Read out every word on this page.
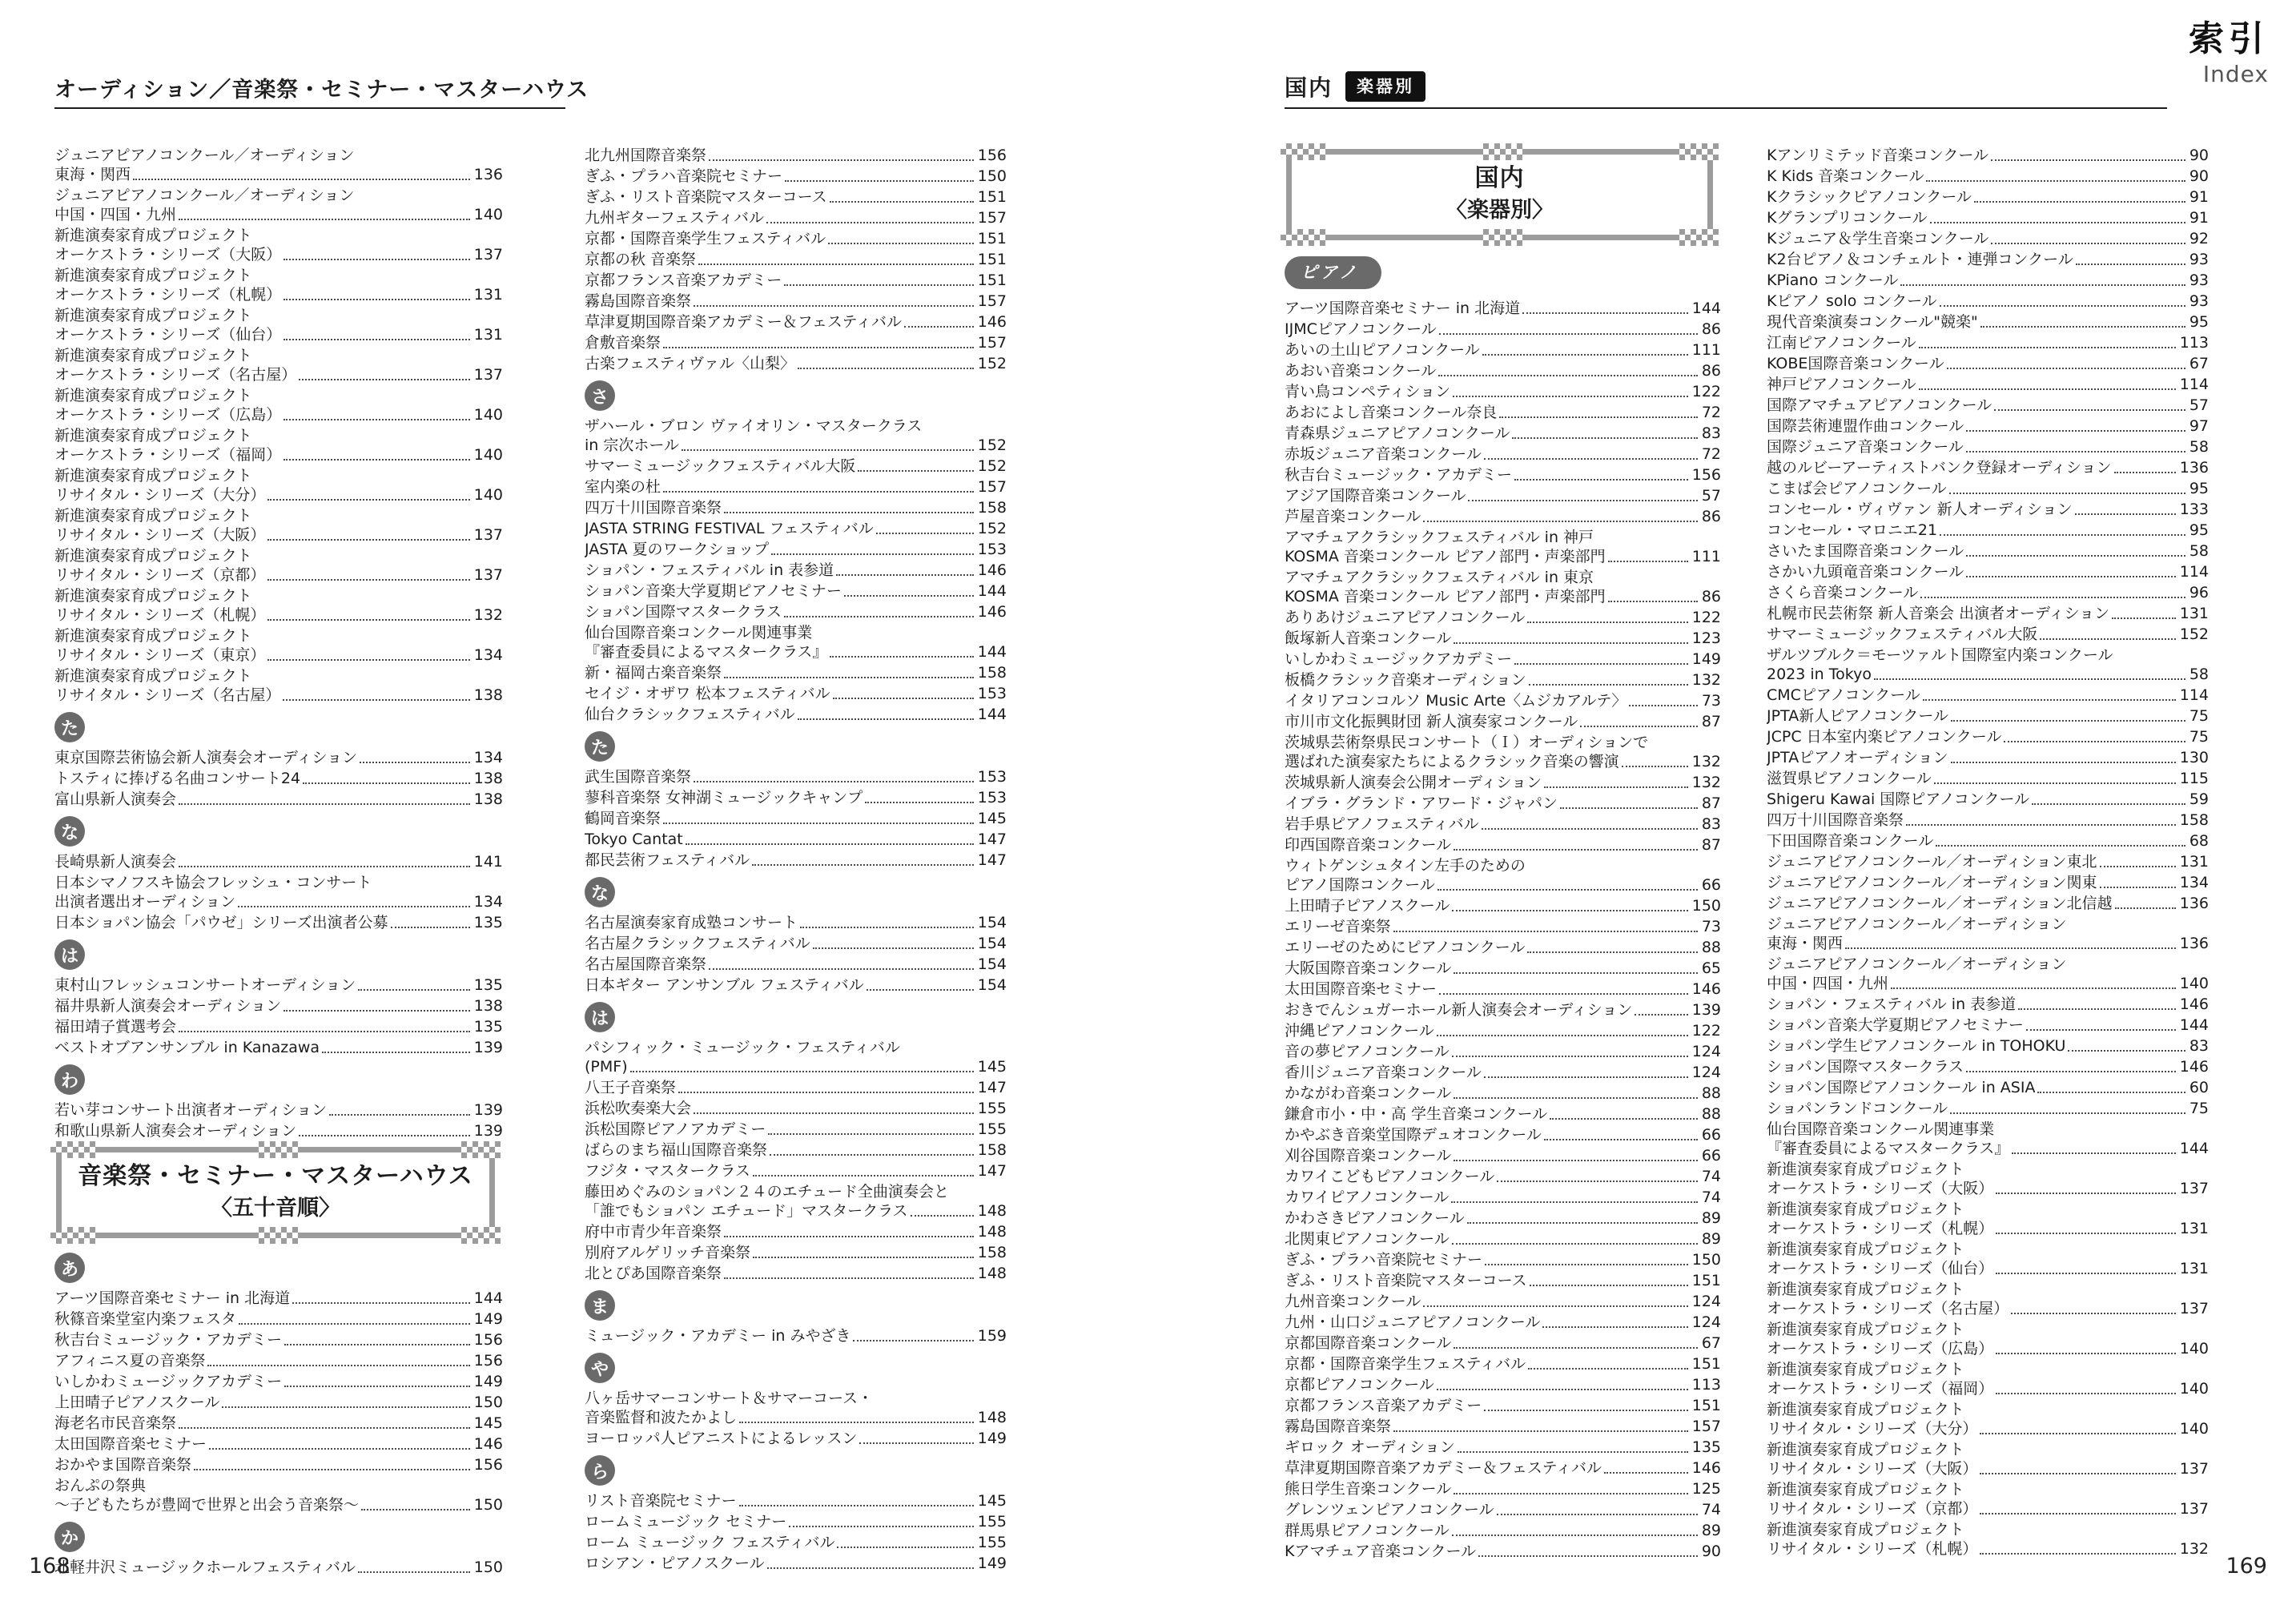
オーディション／音楽祭・セミナー・マスターハウス	国内	楽器別
索引
Index
ジュニアピアノコンクール／オーディション
東海・関西	136
ジュニアピアノコンクール／オーディション
中国・四国・九州	140
新進演奏家育成プロジェクト
オーケストラ・シリーズ（大阪）	137
新進演奏家育成プロジェクト
オーケストラ・シリーズ（札幌）	131
新進演奏家育成プロジェクト
オーケストラ・シリーズ（仙台）	131
新進演奏家育成プロジェクト
オーケストラ・シリーズ（名古屋）	137
新進演奏家育成プロジェクト
オーケストラ・シリーズ（広島）	140
新進演奏家育成プロジェクト
オーケストラ・シリーズ（福岡）	140
新進演奏家育成プロジェクト
リサイタル・シリーズ（大分）	140
新進演奏家育成プロジェクト
リサイタル・シリーズ（大阪）	137
新進演奏家育成プロジェクト
リサイタル・シリーズ（京都）	137
新進演奏家育成プロジェクト
リサイタル・シリーズ（札幌）	132
新進演奏家育成プロジェクト
リサイタル・シリーズ（東京）	134
新進演奏家育成プロジェクト
リサイタル・シリーズ（名古屋）	138
た
東京国際芸術協会新人演奏会オーディション	134
トスティに捧げる名曲コンサート24	138
富山県新人演奏会	138
な
長崎県新人演奏会	141
日本シマノフスキ協会フレッシュ・コンサート
出演者選出オーディション	134
日本ショパン協会「パウゼ」シリーズ出演者公募	135
は
東村山フレッシュコンサートオーディション	135
福井県新人演奏会オーディション	138
福田靖子賞選考会	135
ベストオブアンサンブル in Kanazawa	139
わ
若い芽コンサート出演者オーディション	139
和歌山県新人演奏会オーディション	139
音楽祭・セミナー・マスターハウス
〈五十音順〉
あ
アーツ国際音楽セミナー in 北海道	144
秋篠音楽堂室内楽フェスタ	149
秋吉台ミュージック・アカデミー	156
アフィニス夏の音楽祭	156
いしかわミュージックアカデミー	149
上田晴子ピアノスクール	150
海老名市民音楽祭	145
太田国際音楽セミナー	146
おかやま国際音楽祭	156
おんぷの祭典
～子どもたちが豊岡で世界と出会う音楽祭～	150
か
北軽井沢ミュージックホールフェスティバル	150
北九州国際音楽祭	156
ぎふ・プラハ音楽院セミナー	150
ぎふ・リスト音楽院マスターコース	151
九州ギターフェスティバル	157
京都・国際音楽学生フェスティバル	151
京都の秋 音楽祭	151
京都フランス音楽アカデミー	151
霧島国際音楽祭	157
草津夏期国際音楽アカデミー＆フェスティバル	146
倉敷音楽祭	157
古楽フェスティヴァル〈山梨〉	152
さ
ザハール・ブロン ヴァイオリン・マスタークラス
in 宗次ホール	152
サマーミュージックフェスティバル大阪	152
室内楽の杜	157
四万十川国際音楽祭	158
JASTA STRING FESTIVAL フェスティバル	152
JASTA 夏のワークショップ	153
ショパン・フェスティバル in 表参道	146
ショパン音楽大学夏期ピアノセミナー	144
ショパン国際マスタークラス	146
仙台国際音楽コンクール関連事業
『審査委員によるマスタークラス』	144
新・福岡古楽音楽祭	158
セイジ・オザワ 松本フェスティバル	153
仙台クラシックフェスティバル	144
た
武生国際音楽祭	153
蓼科音楽祭 女神湖ミュージックキャンプ	153
鶴岡音楽祭	145
Tokyo Cantat	147
都民芸術フェスティバル	147
な
名古屋演奏家育成塾コンサート	154
名古屋クラシックフェスティバル	154
名古屋国際音楽祭	154
日本ギター アンサンブル フェスティバル	154
は
パシフィック・ミュージック・フェスティバル
(PMF)	145
八王子音楽祭	147
浜松吹奏楽大会	155
浜松国際ピアノアカデミー	155
ばらのまち福山国際音楽祭	158
フジタ・マスタークラス	147
藤田めぐみのショパン２４のエチュード全曲演奏会と
「誰でもショパン エチュード」マスタークラス	148
府中市青少年音楽祭	148
別府アルゲリッチ音楽祭	158
北とぴあ国際音楽祭	148
ま
ミュージック・アカデミー in みやざき	159
や
八ヶ岳サマーコンサート＆サマーコース・
音楽監督和波たかよし	148
ヨーロッパ人ピアニストによるレッスン	149
ら
リスト音楽院セミナー	145
ロームミュージック セミナー	155
ローム ミュージック フェスティバル	155
ロシアン・ピアノスクール	149
国内
〈楽器別〉
ピアノ
アーツ国際音楽セミナー in 北海道	144
IJMCピアノコンクール	86
あいの土山ピアノコンクール	111
あおい音楽コンクール	86
青い鳥コンペティション	122
あおによし音楽コンクール奈良	72
青森県ジュニアピアノコンクール	83
赤坂ジュニア音楽コンクール	72
秋吉台ミュージック・アカデミー	156
アジア国際音楽コンクール	57
芦屋音楽コンクール	86
アマチュアクラシックフェスティバル in 神戸
KOSMA 音楽コンクール ピアノ部門・声楽部門	111
アマチュアクラシックフェスティバル in 東京
KOSMA 音楽コンクール ピアノ部門・声楽部門	86
ありあけジュニアピアノコンクール	122
飯塚新人音楽コンクール	123
いしかわミュージックアカデミー	149
板橋クラシック音楽オーディション	132
イタリアコンコルソ Music Arte〈ムジカアルテ〉	73
市川市文化振興財団 新人演奏家コンクール	87
茨城県芸術祭県民コンサート（Ｉ）オーディションで
選ばれた演奏家たちによるクラシック音楽の響演	132
茨城県新人演奏会公開オーディション	132
イブラ・グランド・アワード・ジャパン	87
岩手県ピアノフェスティバル	83
印西国際音楽コンクール	87
ウィトゲンシュタイン左手のための
ピアノ国際コンクール	66
上田晴子ピアノスクール	150
エリーゼ音楽祭	73
エリーゼのためにピアノコンクール	88
大阪国際音楽コンクール	65
太田国際音楽セミナー	146
おきでんシュガーホール新人演奏会オーディション	139
沖縄ピアノコンクール	122
音の夢ピアノコンクール	124
香川ジュニア音楽コンクール	124
かながわ音楽コンクール	88
鎌倉市小・中・高 学生音楽コンクール	88
かやぶき音楽堂国際デュオコンクール	66
刈谷国際音楽コンクール	66
カワイこどもピアノコンクール	74
カワイピアノコンクール	74
かわさきピアノコンクール	89
北関東ピアノコンクール	89
ぎふ・プラハ音楽院セミナー	150
ぎふ・リスト音楽院マスターコース	151
九州音楽コンクール	124
九州・山口ジュニアピアノコンクール	124
京都国際音楽コンクール	67
京都・国際音楽学生フェスティバル	151
京都ピアノコンクール	113
京都フランス音楽アカデミー	151
霧島国際音楽祭	157
ギロック オーディション	135
草津夏期国際音楽アカデミー＆フェスティバル	146
熊日学生音楽コンクール	125
グレンツェンピアノコンクール	74
群馬県ピアノコンクール	89
Kアマチュア音楽コンクール	90
Kアンリミテッド音楽コンクール	90
K Kids 音楽コンクール	90
Kクラシックピアノコンクール	91
Kグランプリコンクール	91
Kジュニア＆学生音楽コンクール	92
K2台ピアノ＆コンチェルト・連弾コンクール	93
KPiano コンクール	93
Kピアノ solo コンクール	93
現代音楽演奏コンクール"競楽"	95
江南ピアノコンクール	113
KOBE国際音楽コンクール	67
神戸ピアノコンクール	114
国際アマチュアピアノコンクール	57
国際芸術連盟作曲コンクール	97
国際ジュニア音楽コンクール	58
越のルビーアーティストバンク登録オーディション	136
こまば会ピアノコンクール	95
コンセール・ヴィヴァン 新人オーディション	133
コンセール・マロニエ21	95
さいたま国際音楽コンクール	58
さかい九頭竜音楽コンクール	114
さくら音楽コンクール	96
札幌市民芸術祭 新人音楽会 出演者オーディション	131
サマーミュージックフェスティバル大阪	152
ザルツブルク＝モーツァルト国際室内楽コンクール
2023 in Tokyo	58
CMCピアノコンクール	114
JPTA新人ピアノコンクール	75
JCPC 日本室内楽ピアノコンクール	75
JPTAピアノオーディション	130
滋賀県ピアノコンクール	115
Shigeru Kawai 国際ピアノコンクール	59
四万十川国際音楽祭	158
下田国際音楽コンクール	68
ジュニアピアノコンクール／オーディション東北	131
ジュニアピアノコンクール／オーディション関東	134
ジュニアピアノコンクール／オーディション北信越	136
ジュニアピアノコンクール／オーディション
東海・関西	136
ジュニアピアノコンクール／オーディション
中国・四国・九州	140
ショパン・フェスティバル in 表参道	146
ショパン音楽大学夏期ピアノセミナー	144
ショパン学生ピアノコンクール in TOHOKU	83
ショパン国際マスタークラス	146
ショパン国際ピアノコンクール in ASIA	60
ショパンランドコンクール	75
仙台国際音楽コンクール関連事業
『審査委員によるマスタークラス』	144
新進演奏家育成プロジェクト
オーケストラ・シリーズ（大阪）	137
新進演奏家育成プロジェクト
オーケストラ・シリーズ（札幌）	131
新進演奏家育成プロジェクト
オーケストラ・シリーズ（仙台）	131
新進演奏家育成プロジェクト
オーケストラ・シリーズ（名古屋）	137
新進演奏家育成プロジェクト
オーケストラ・シリーズ（広島）	140
新進演奏家育成プロジェクト
オーケストラ・シリーズ（福岡）	140
新進演奏家育成プロジェクト
リサイタル・シリーズ（大分）	140
新進演奏家育成プロジェクト
リサイタル・シリーズ（大阪）	137
新進演奏家育成プロジェクト
リサイタル・シリーズ（京都）	137
新進演奏家育成プロジェクト
リサイタル・シリーズ（札幌）	132
168	169
